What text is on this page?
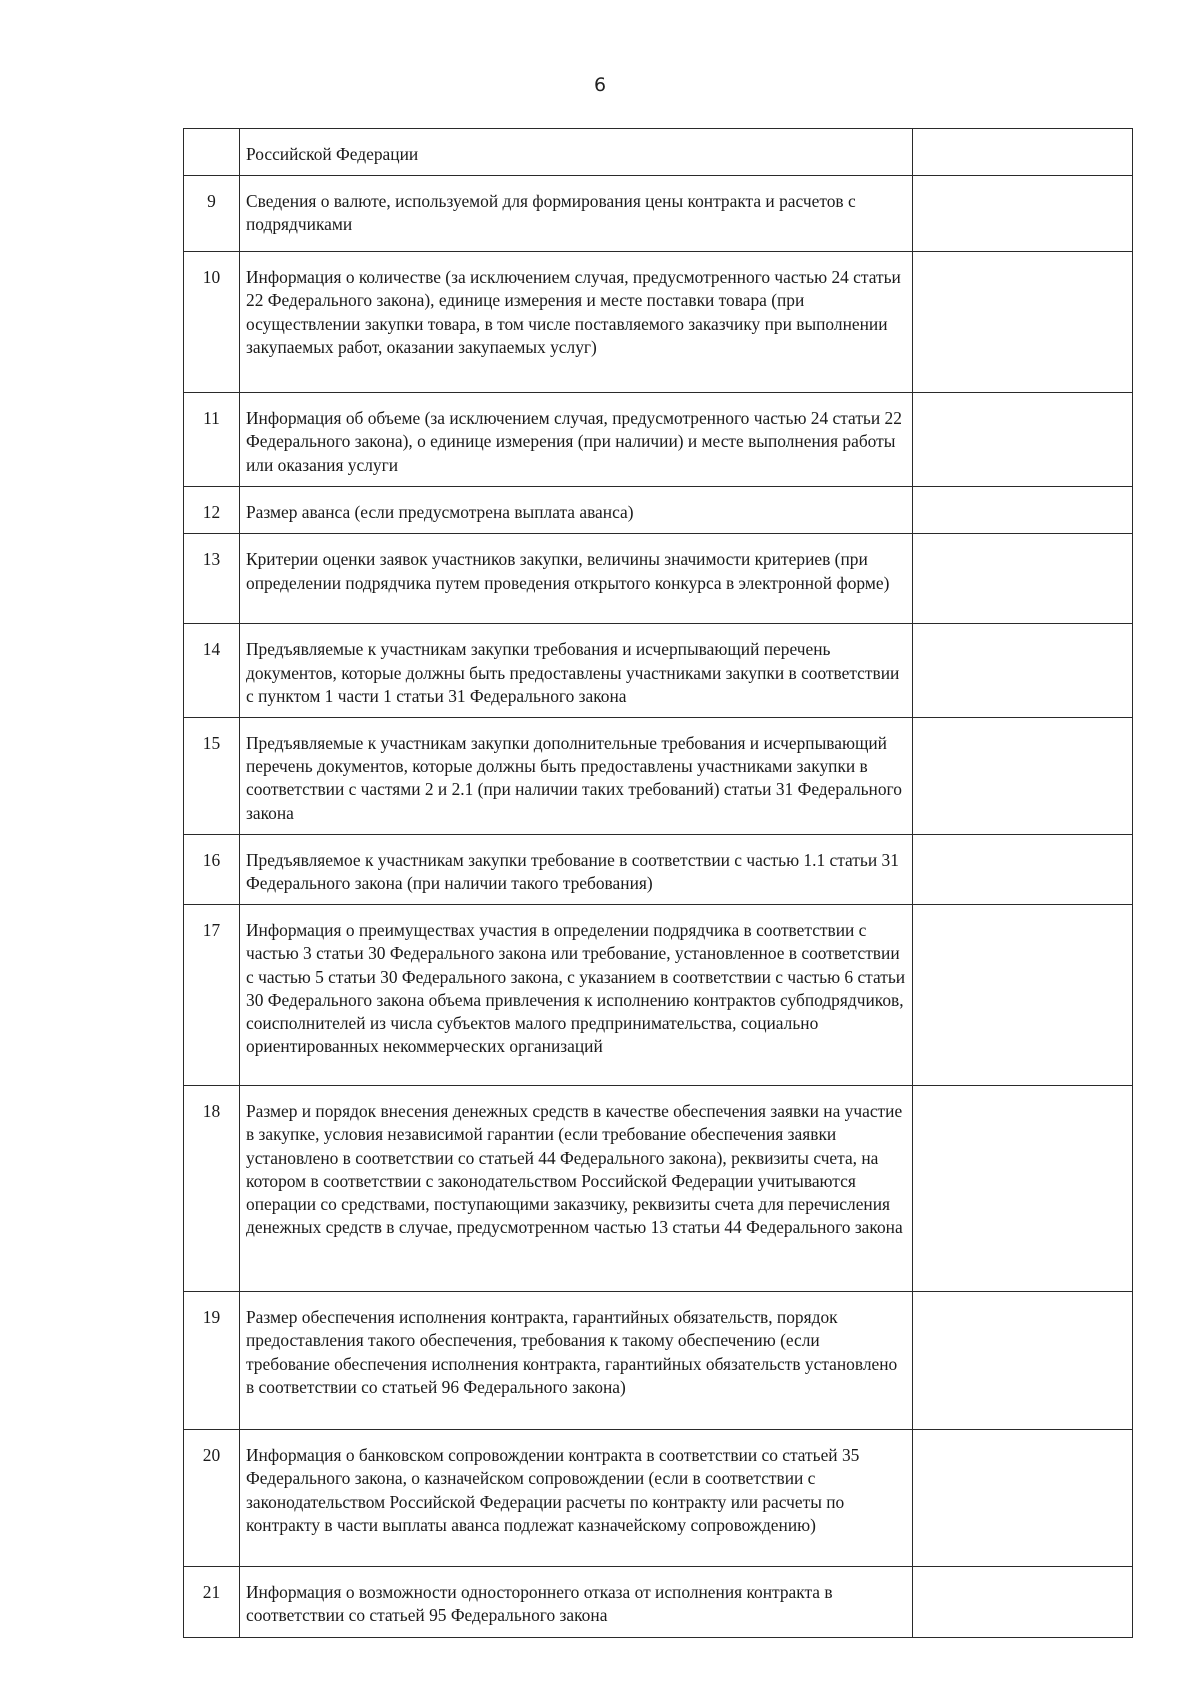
6
	Российской Федерации	
9	Сведения о валюте, используемой для формирования цены контракта и расчетов с подрядчиками	
10	Информация о количестве (за исключением случая, предусмотренного частью 24 статьи 22 Федерального закона), единице измерения и месте поставки товара (при осуществлении закупки товара, в том числе поставляемого заказчику при выполнении закупаемых работ, оказании закупаемых услуг)	
11	Информация об объеме (за исключением случая, предусмотренного частью 24 статьи 22 Федерального закона), о единице измерения (при наличии) и месте выполнения работы или оказания услуги	
12	Размер аванса (если предусмотрена выплата аванса)	
13	Критерии оценки заявок участников закупки, величины значимости критериев (при определении подрядчика путем проведения открытого конкурса в электронной форме)	
14	Предъявляемые к участникам закупки требования и исчерпывающий перечень документов, которые должны быть предоставлены участниками закупки в соответствии с пунктом 1 части 1 статьи 31 Федерального закона	
15	Предъявляемые к участникам закупки дополнительные требования и исчерпывающий перечень документов, которые должны быть предоставлены участниками закупки в соответствии с частями 2 и 2.1 (при наличии таких требований) статьи 31 Федерального закона	
16	Предъявляемое к участникам закупки требование в соответствии с частью 1.1 статьи 31 Федерального закона (при наличии такого требования)	
17	Информация о преимуществах участия в определении подрядчика в соответствии с частью 3 статьи 30 Федерального закона или требование, установленное в соответствии с частью 5 статьи 30 Федерального закона, с указанием в соответствии с частью 6 статьи 30 Федерального закона объема привлечения к исполнению контрактов субподрядчиков, соисполнителей из числа субъектов малого предпринимательства, социально ориентированных некоммерческих организаций	
18	Размер и порядок внесения денежных средств в качестве обеспечения заявки на участие в закупке, условия независимой гарантии (если требование обеспечения заявки установлено в соответствии со статьей 44 Федерального закона), реквизиты счета, на котором в соответствии с законодательством Российской Федерации учитываются операции со средствами, поступающими заказчику, реквизиты счета для перечисления денежных средств в случае, предусмотренном частью 13 статьи 44 Федерального закона	
19	Размер обеспечения исполнения контракта, гарантийных обязательств, порядок предоставления такого обеспечения, требования к такому обеспечению (если требование обеспечения исполнения контракта, гарантийных обязательств установлено в соответствии со статьей 96 Федерального закона)	
20	Информация о банковском сопровождении контракта в соответствии со статьей 35 Федерального закона, о казначейском сопровождении (если в соответствии с законодательством Российской Федерации расчеты по контракту или расчеты по контракту в части выплаты аванса подлежат казначейскому сопровождению)	
21	Информация о возможности одностороннего отказа от исполнения контракта в соответствии со статьей 95 Федерального закона	
